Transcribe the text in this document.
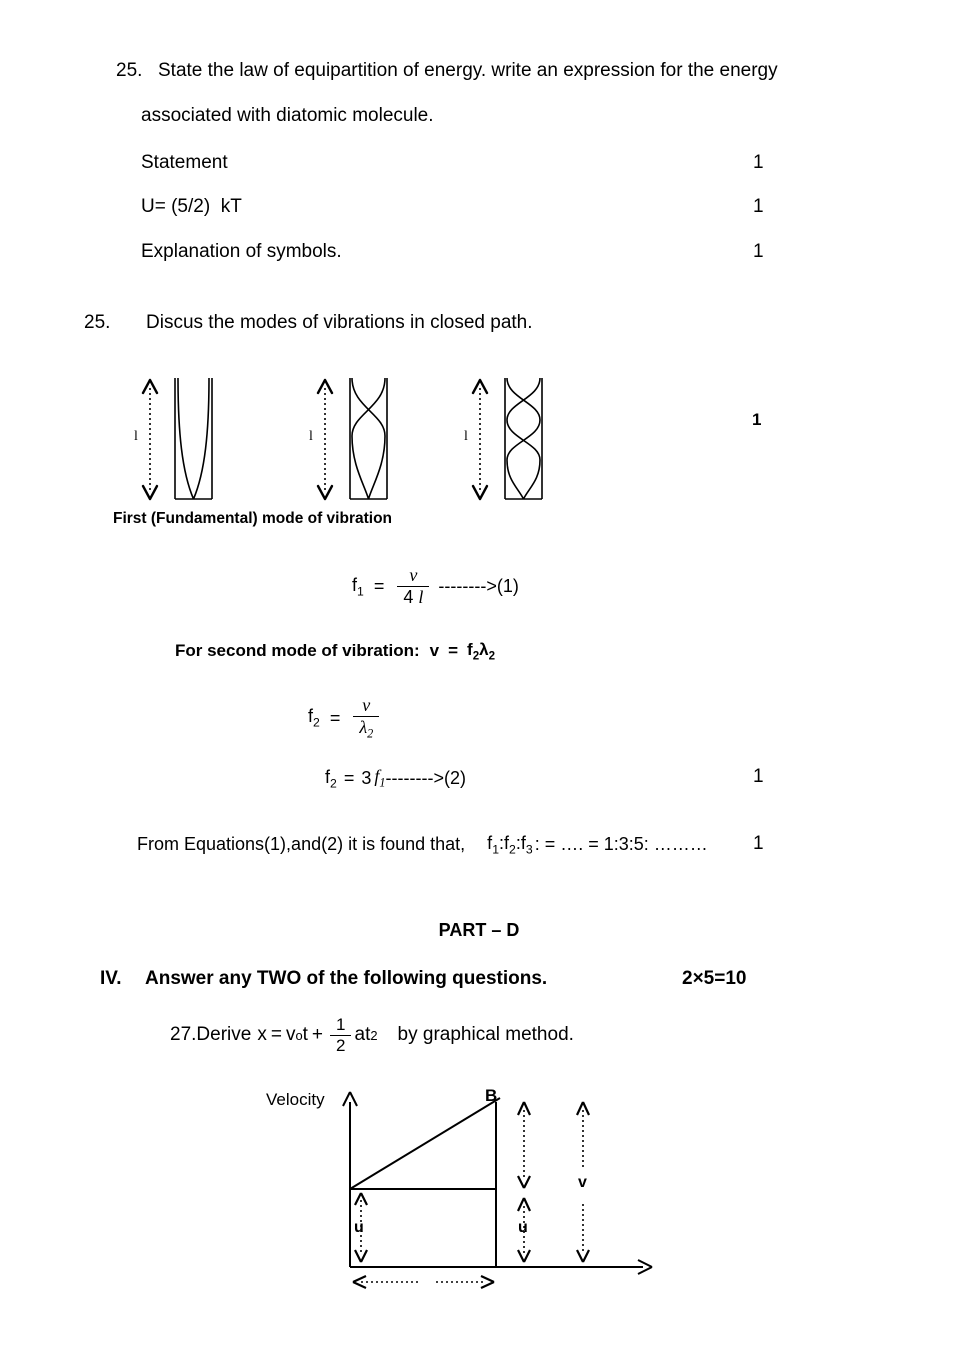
25. State the law of equipartition of energy. write an expression for the energy
associated with diatomic molecule.
Statement	1
U= (5/2)  kT	1
Explanation of symbols.	1
25.	Discus the modes of vibrations in closed path.
l	l	l
1
First (Fundamental) mode of vibration
$f_1 = \frac{v}{4 l} -------->(1)$
For second mode of vibration: $v = f_2\lambda_2$
$f_2 = \frac{v}{\lambda_2}$
$f_2 = 3$ $f_1$ -------->(2)	1
From Equations(1),and(2) it is found that, $f_1:f_2:f_3$ : = …. = 1:3:5: ……… 1
PART – D
IV.	Answer any TWO of the following questions.	2×5=10
27.Derive x = v o $t + \frac{1}{2}$ a t 2 by graphical method.
Velocity	B
u	u
v
